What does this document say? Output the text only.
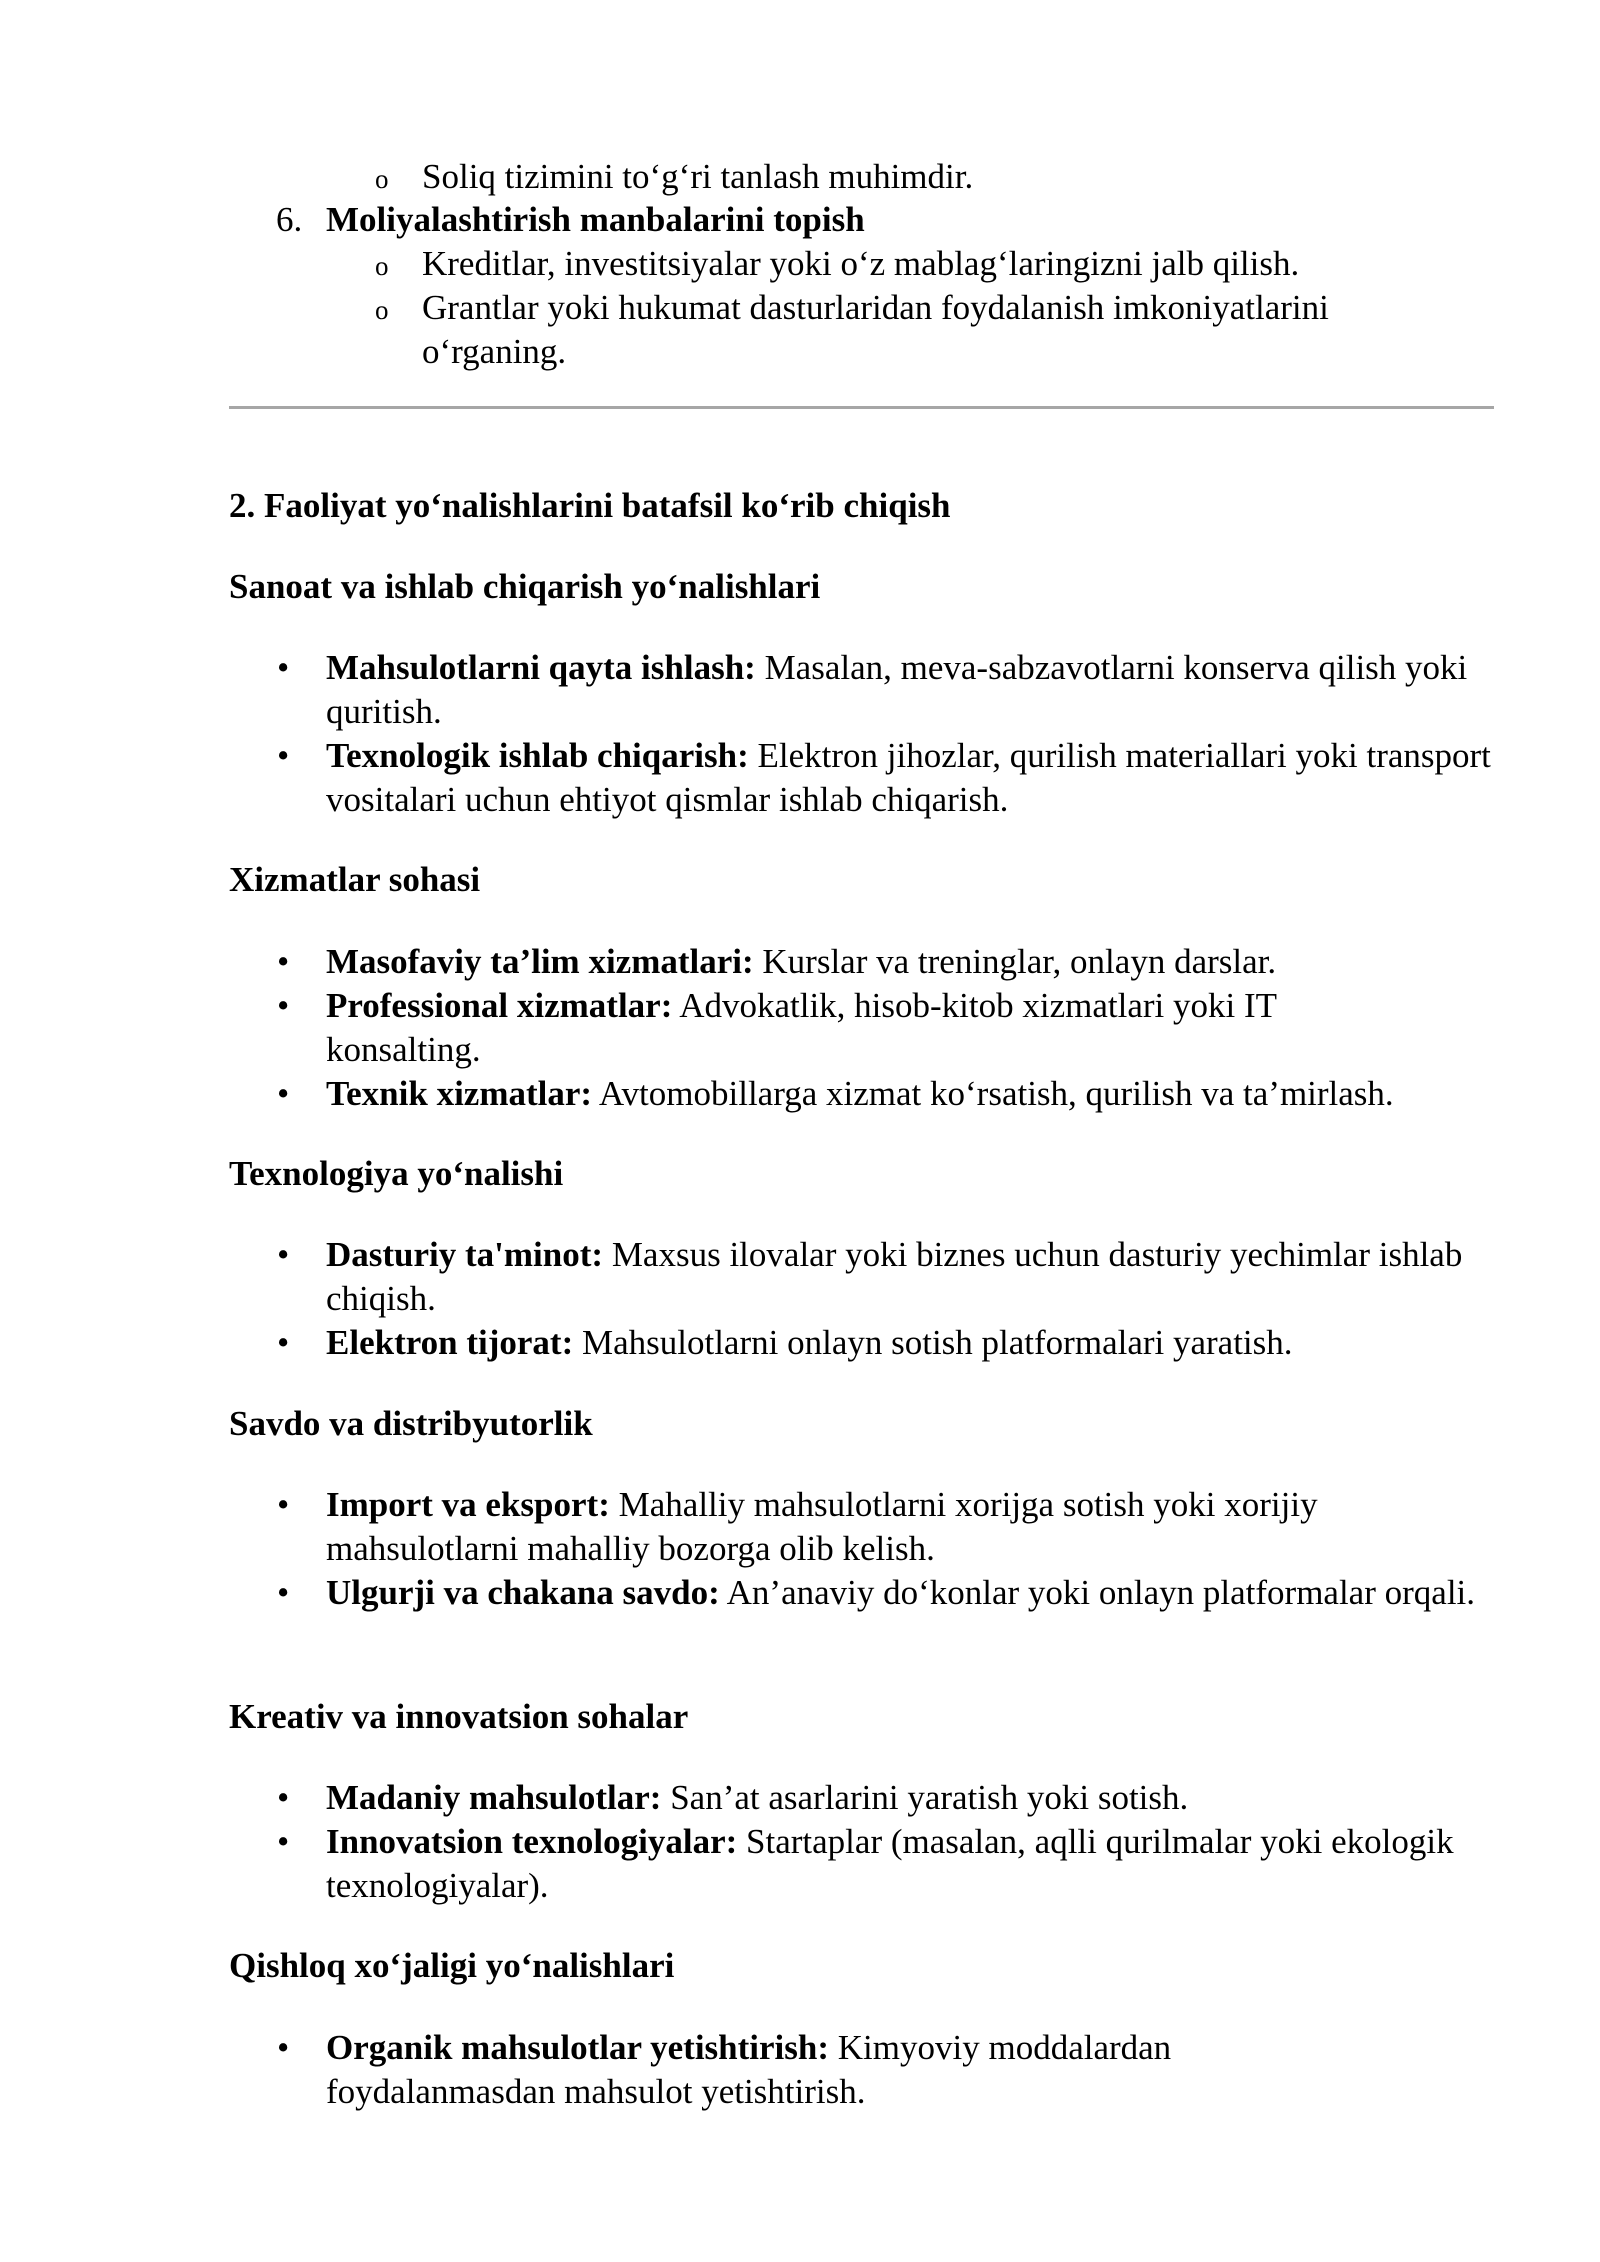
o Soliq tizimini to‘g‘ri tanlash muhimdir.
6. Moliyalashtirish manbalarini topish
o Kreditlar, investitsiyalar yoki o‘z mablag‘laringizni jalb qilish.
o Grantlar yoki hukumat dasturlaridan foydalanish imkoniyatlarini o‘rganing.
2. Faoliyat yo‘nalishlarini batafsil ko‘rib chiqish
Sanoat va ishlab chiqarish yo‘nalishlari
• Mahsulotlarni qayta ishlash: Masalan, meva-sabzavotlarni konserva qilish yoki quritish.
• Texnologik ishlab chiqarish: Elektron jihozlar, qurilish materiallari yoki transport vositalari uchun ehtiyot qismlar ishlab chiqarish.
Xizmatlar sohasi
• Masofaviy ta’lim xizmatlari: Kurslar va treninglar, onlayn darslar.
• Professional xizmatlar: Advokatlik, hisob-kitob xizmatlari yoki IT konsalting.
• Texnik xizmatlar: Avtomobillarga xizmat ko‘rsatish, qurilish va ta’mirlash.
Texnologiya yo‘nalishi
• Dasturiy ta'minot: Maxsus ilovalar yoki biznes uchun dasturiy yechimlar ishlab chiqish.
• Elektron tijorat: Mahsulotlarni onlayn sotish platformalari yaratish.
Savdo va distribyutorlik
• Import va eksport: Mahalliy mahsulotlarni xorijga sotish yoki xorijiy mahsulotlarni mahalliy bozorga olib kelish.
• Ulgurji va chakana savdo: An’anaviy do‘konlar yoki onlayn platformalar orqali.
Kreativ va innovatsion sohalar
• Madaniy mahsulotlar: San’at asarlarini yaratish yoki sotish.
• Innovatsion texnologiyalar: Startaplar (masalan, aqlli qurilmalar yoki ekologik texnologiyalar).
Qishloq xo‘jaligi yo‘nalishlari
• Organik mahsulotlar yetishtirish: Kimyoviy moddalardan foydalanmasdan mahsulot yetishtirish.
